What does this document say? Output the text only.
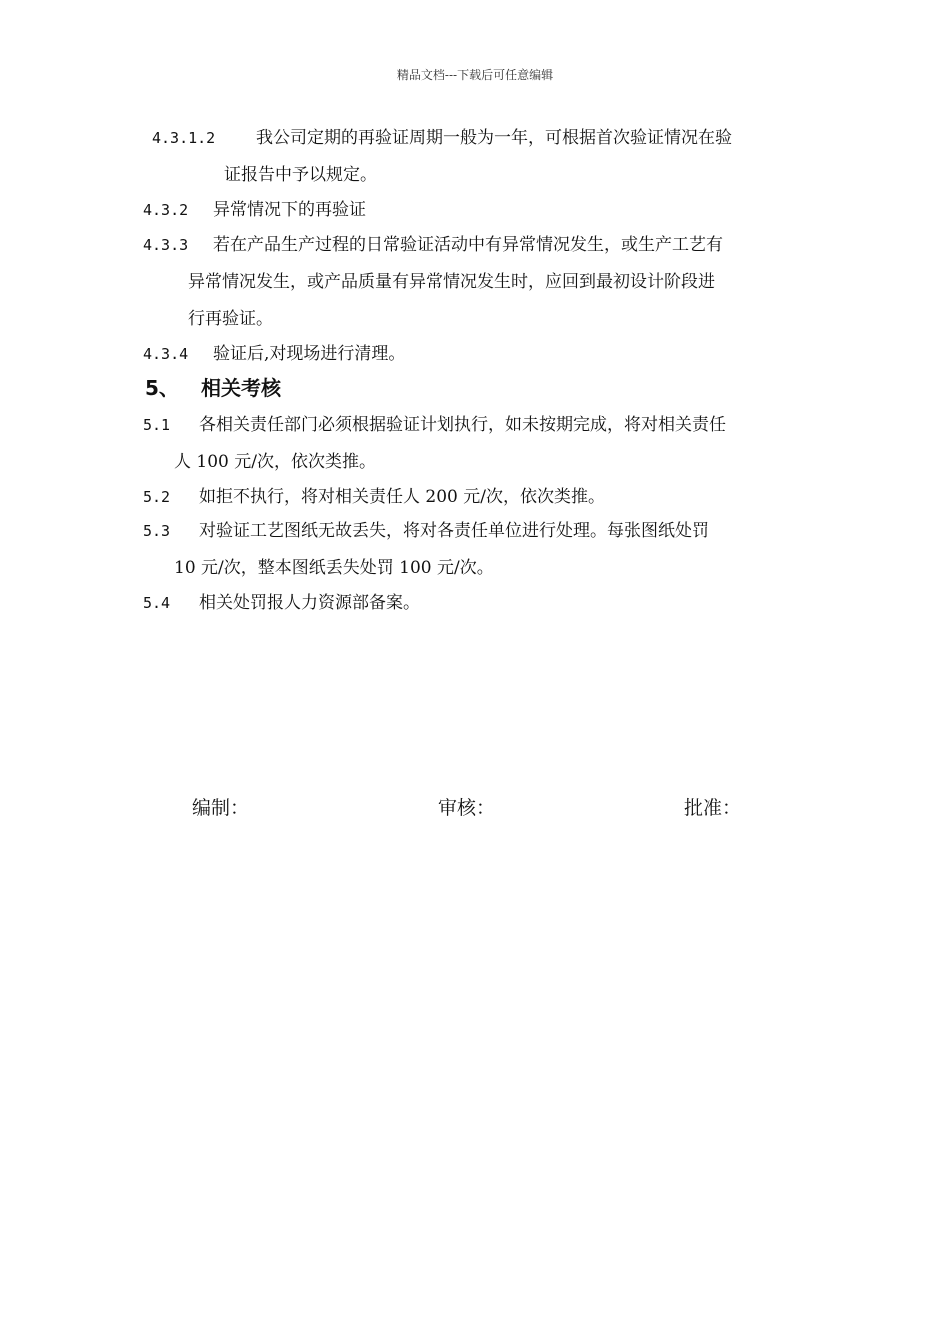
精品文档---下载后可任意编辑
4.3.1.2 我公司定期的再验证周期一般为一年，可根据首次验证情况在验
证报告中予以规定。
4.3.2 异常情况下的再验证
4.3.3 若在产品生产过程的日常验证活动中有异常情况发生，或生产工艺有
异常情况发生，或产品质量有异常情况发生时，应回到最初设计阶段进
行再验证。
4.3.4 验证后,对现场进行清理。
5、 相关考核
5.1 各相关责任部门必须根据验证计划执行，如未按期完成，将对相关责任
人 100 元/次，依次类推。
5.2 如拒不执行，将对相关责任人 200 元/次，依次类推。
5.3 对验证工艺图纸无故丢失，将对各责任单位进行处理。每张图纸处罚
10 元/次，整本图纸丢失处罚 100 元/次。
5.4 相关处罚报人力资源部备案。
编制：	审核：	批准：
